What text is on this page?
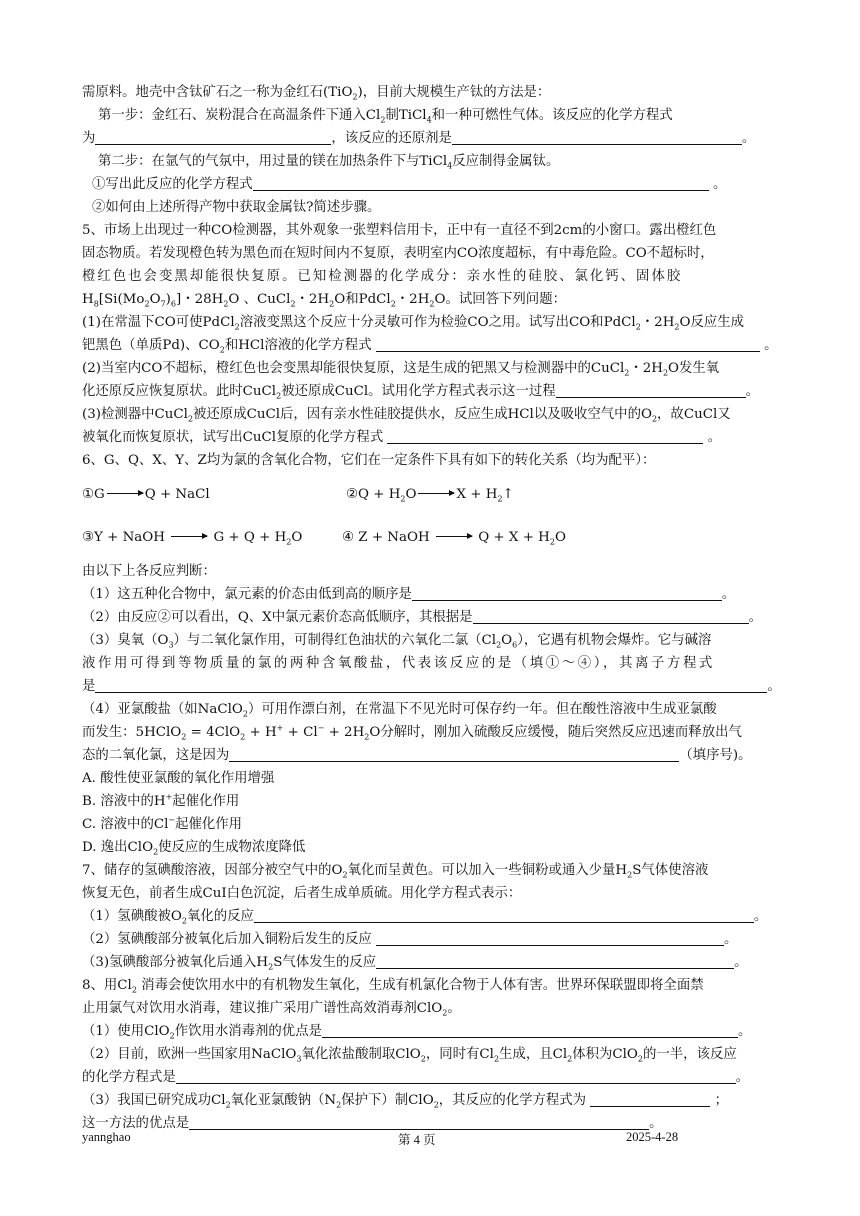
需原料。地壳中含钛矿石之一称为金红石(TiO$_2$)，目前大规模生产钛的方法是：
第一步：金红石、炭粉混合在高温条件下通入$Cl_2$制TiCl$_4$和一种可燃性气体。该反应的化学方程式
为	，该反应的还原剂是	。
第二步：在氩气的气氛中，用过量的镁在加热条件下与TiCl$_4$反应制得金属钛。
①写出此反应的化学方程式	。
②如何由上述所得产物中获取金属钛?简述步骤。
5、市场上出现过一种CO检测器，其外观象一张塑料信用卡，正中有一直径不到2cm的小窗口。露出橙红色
固态物质。若发现橙色转为黑色而在短时间内不复原，表明室内CO浓度超标，有中毒危险。CO不超标时，
橙红色也会变黑却能很快复原。已知检测器的化学成分：亲水性的硅胶、氯化钙、固体胶
$H_8[Si(Mo_2O_7)_6]$・$28H_2O$ 、CuCl$_2$・$2H_2O$和PdCl$_2$・$2H_2O$。试回答下列问题：
(1)在常温下CO可使PdCl$_2$溶液变黑这个反应十分灵敏可作为检验CO之用。试写出CO和PdCl$_2$・$2H_2O$反应生成
钯黑色（单质Pd)、$CO_2$和HCl溶液的化学方程式	。
(2)当室内CO不超标，橙红色也会变黑却能很快复原，这是生成的钯黑又与检测器中的CuCl$_2$・$2H_2O$发生氧
化还原反应恢复原状。此时CuCl$_2$被还原成CuCl。试用化学方程式表示这一过程	。
(3)检测器中CuCl$_2$被还原成CuCl后，因有亲水性硅胶提供水，反应生成HCl以及吸收空气中的$O_2$，故CuCl又
被氧化而恢复原状，试写出CuCl复原的化学方程式	。
6、G、Q、X、Y、Z均为氯的含氧化合物，它们在一定条件下具有如下的转化关系（均为配平）：
①G	Q + NaCl	②Q + $H_2O$	$X + H_2↑$
③Y + NaOH	$G + Q + H_2O$	④ Z + NaOH	$Q + X + H_2O$
由以下上各反应判断：
（1）这五种化合物中，氯元素的价态由低到高的顺序是	。
（2）由反应②可以看出，Q、X中氯元素价态高低顺序，其根据是	。
（3）臭氧$(O_3)$与二氧化氯作用，可制得红色油状的六氧化二氯$(Cl_2O_6)$，它遇有机物会爆炸。它与碱溶
液作用可得到等物质量的氯的两种含氧酸盐，代表该反应的是（填①～④），其离子方程式
是	。
（4）亚氯酸盐（如NaClO$_2$）可用作漂白剂，在常温下不见光时可保存约一年。但在酸性溶液中生成亚氯酸
而发生：5HClO$_2$ = $4ClO_2 + H^+ + Cl^- + 2H_2O$分解时，刚加入硫酸反应缓慢，随后突然反应迅速而释放出气
态的二氧化氯，这是因为	（填序号)。
A. 酸性使亚氯酸的氧化作用增强
B. 溶液中的H+起催化作用
C. 溶液中的Cl−起催化作用
D. 逸出ClO$_2$使反应的生成物浓度降低
7、储存的氢碘酸溶液，因部分被空气中的$O_2$氧化而呈黄色。可以加入一些铜粉或通入少量$H_2S$气体使溶液
恢复无色，前者生成CuI白色沉淀，后者生成单质硫。用化学方程式表示：
（1）氢碘酸被$O_2$氧化的反应	。
（2）氢碘酸部分被氧化后加入铜粉后发生的反应	。
（3)氢碘酸部分被氧化后通入$H_2S$气体发生的反应	。
8、用$Cl_2$ 消毒会使饮用水中的有机物发生氧化，生成有机氯化合物于人体有害。世界环保联盟即将全面禁
止用氯气对饮用水消毒，建议推广采用广谱性高效消毒剂ClO$_2$。
（1）使用ClO$_2$作饮用水消毒剂的优点是	。
（2）目前，欧洲一些国家用NaClO$_3$氧化浓盐酸制取ClO$_2$，同时有$Cl_2$生成，且$Cl_2$体积为ClO$_2$的一半，该反应
的化学方程式是	。
（3）我国已研究成功$Cl_2$氧化亚氯酸钠（$N_2$保护下）制ClO$_2$，其反应的化学方程式为	；
这一方法的优点是	。
yannghao	第 4 页	2025-4-28
